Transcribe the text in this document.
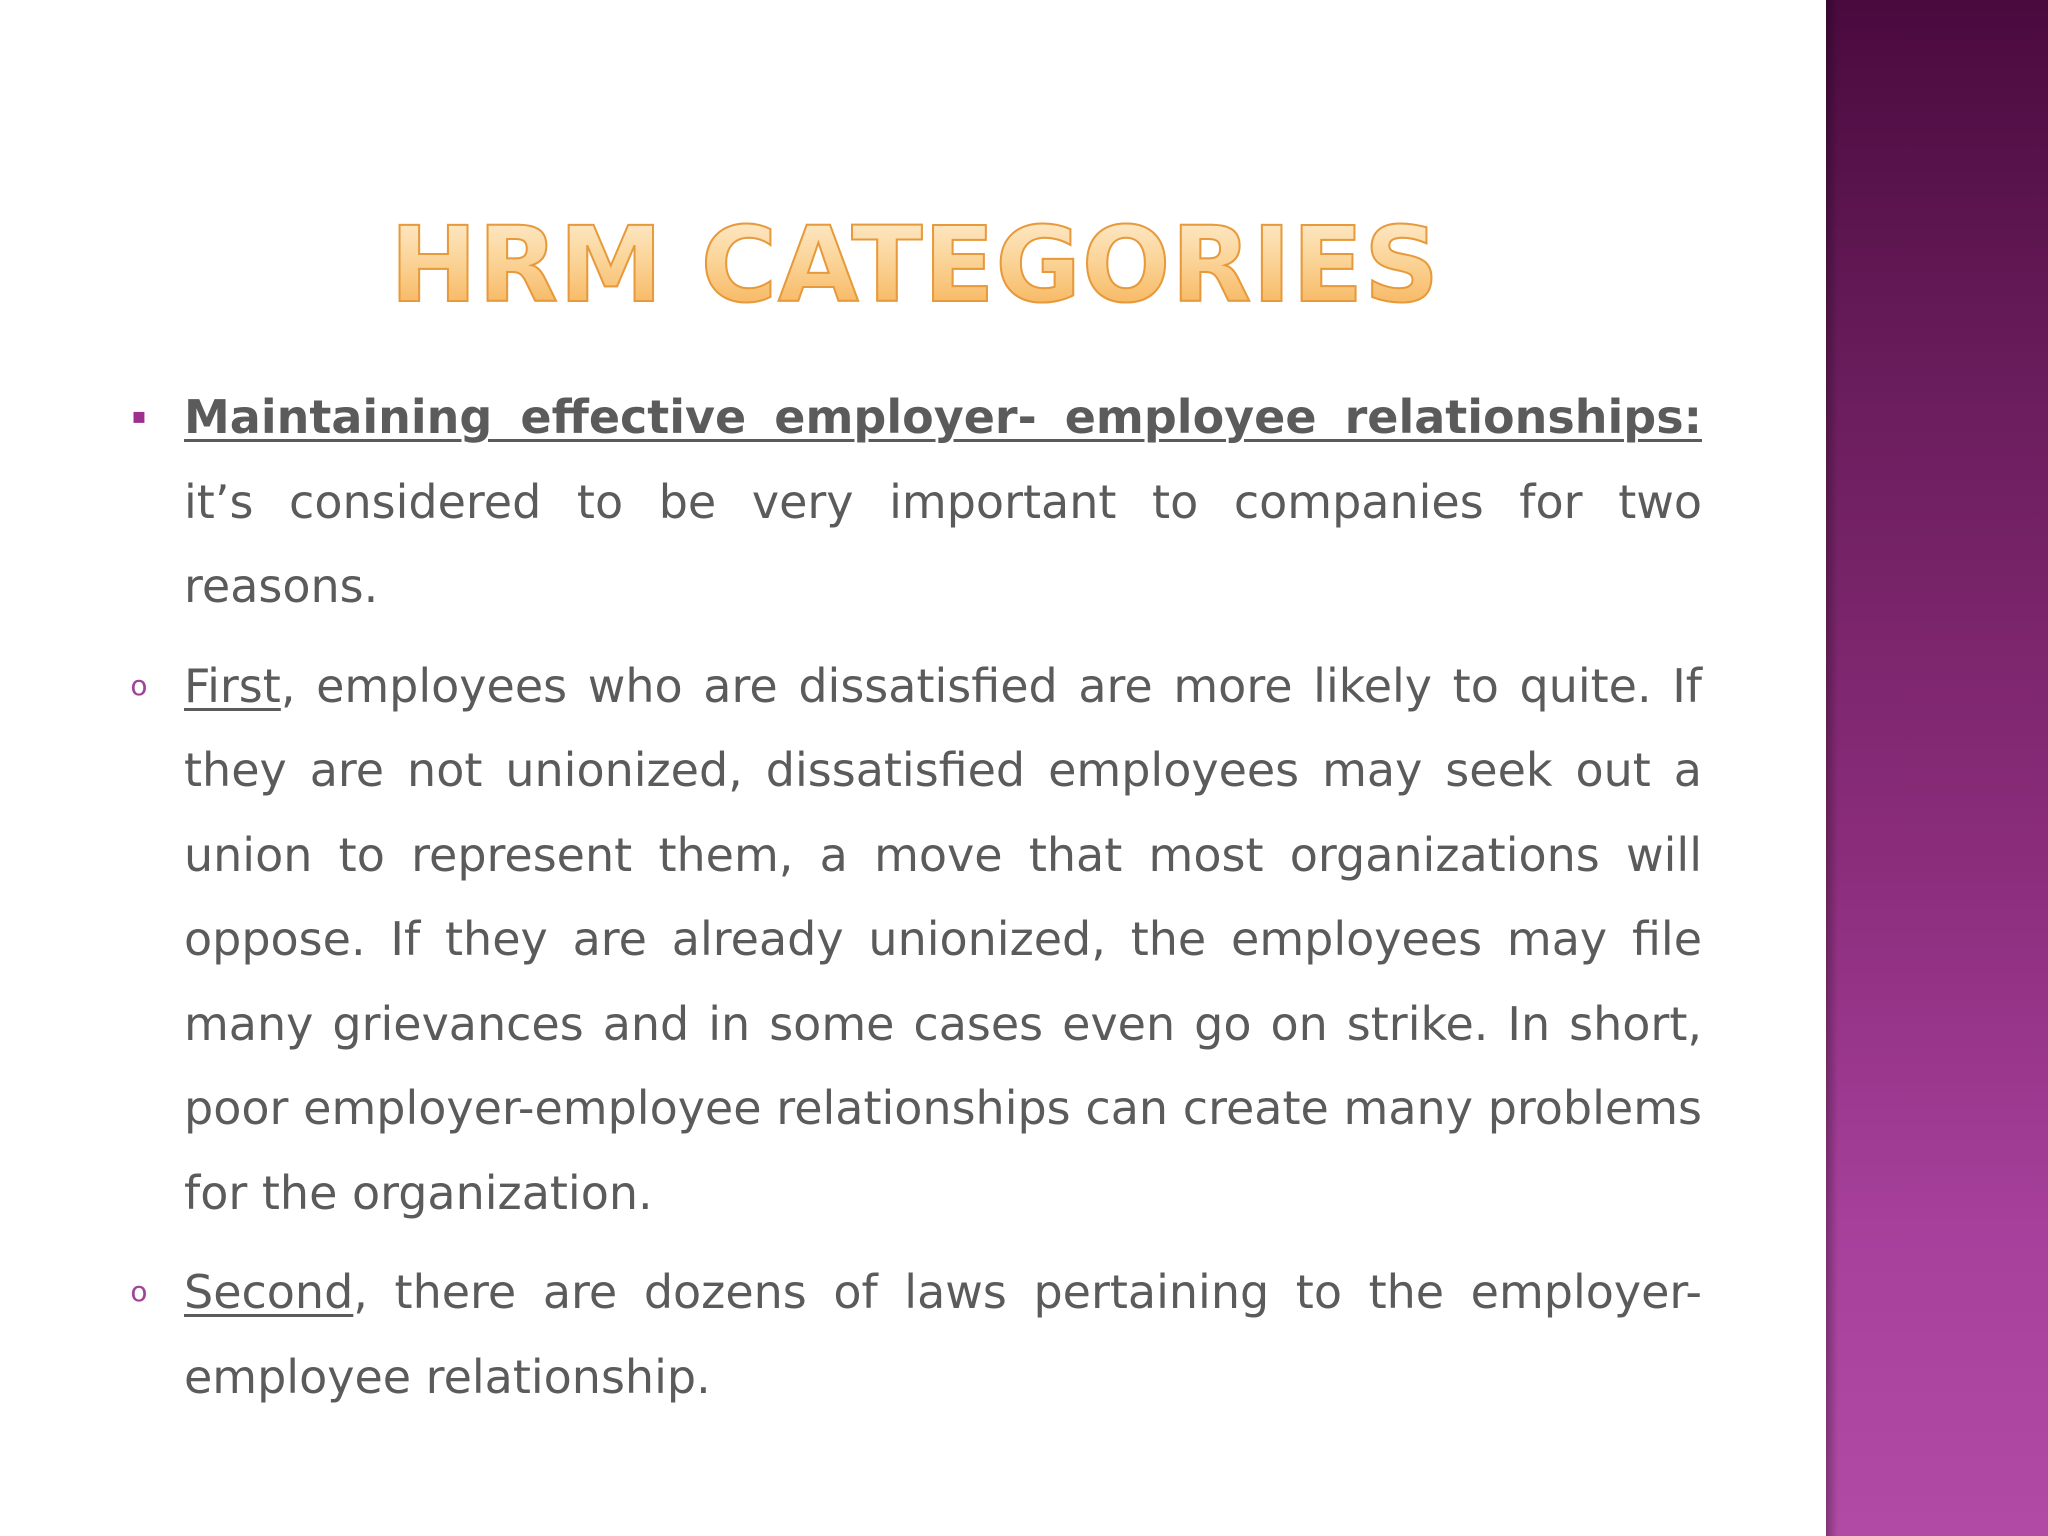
HRM CATEGORIES

▪ Maintaining effective employer- employee relationships: it’s considered to be very important to companies for two reasons.

o First, employees who are dissatisfied are more likely to quite. If they are not unionized, dissatisfied employees may seek out a union to represent them, a move that most organizations will oppose. If they are already unionized, the employees may file many grievances and in some cases even go on strike. In short, poor employer-employee relationships can create many problems for the organization.

o Second, there are dozens of laws pertaining to the employer-employee relationship.
